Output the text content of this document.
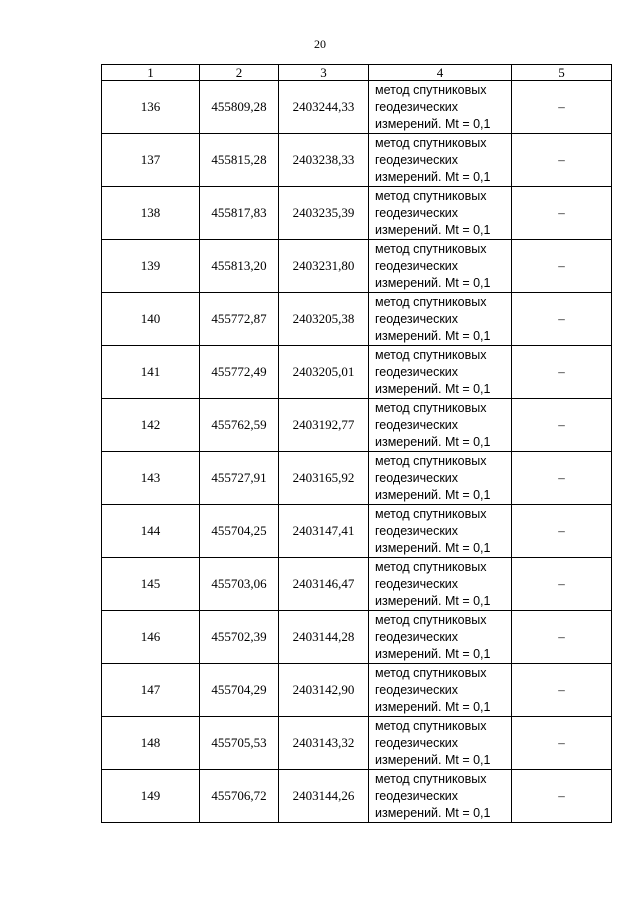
20
1	2	3	4	5
136	455809,28	2403244,33	метод спутниковых
геодезических
измерений. Mt = 0,1	–
137	455815,28	2403238,33	метод спутниковых
геодезических
измерений. Mt = 0,1	–
138	455817,83	2403235,39	метод спутниковых
геодезических
измерений. Mt = 0,1	–
139	455813,20	2403231,80	метод спутниковых
геодезических
измерений. Mt = 0,1	–
140	455772,87	2403205,38	метод спутниковых
геодезических
измерений. Mt = 0,1	–
141	455772,49	2403205,01	метод спутниковых
геодезических
измерений. Mt = 0,1	–
142	455762,59	2403192,77	метод спутниковых
геодезических
измерений. Mt = 0,1	–
143	455727,91	2403165,92	метод спутниковых
геодезических
измерений. Mt = 0,1	–
144	455704,25	2403147,41	метод спутниковых
геодезических
измерений. Mt = 0,1	–
145	455703,06	2403146,47	метод спутниковых
геодезических
измерений. Mt = 0,1	–
146	455702,39	2403144,28	метод спутниковых
геодезических
измерений. Mt = 0,1	–
147	455704,29	2403142,90	метод спутниковых
геодезических
измерений. Mt = 0,1	–
148	455705,53	2403143,32	метод спутниковых
геодезических
измерений. Mt = 0,1	–
149	455706,72	2403144,26	метод спутниковых
геодезических
измерений. Mt = 0,1	–
